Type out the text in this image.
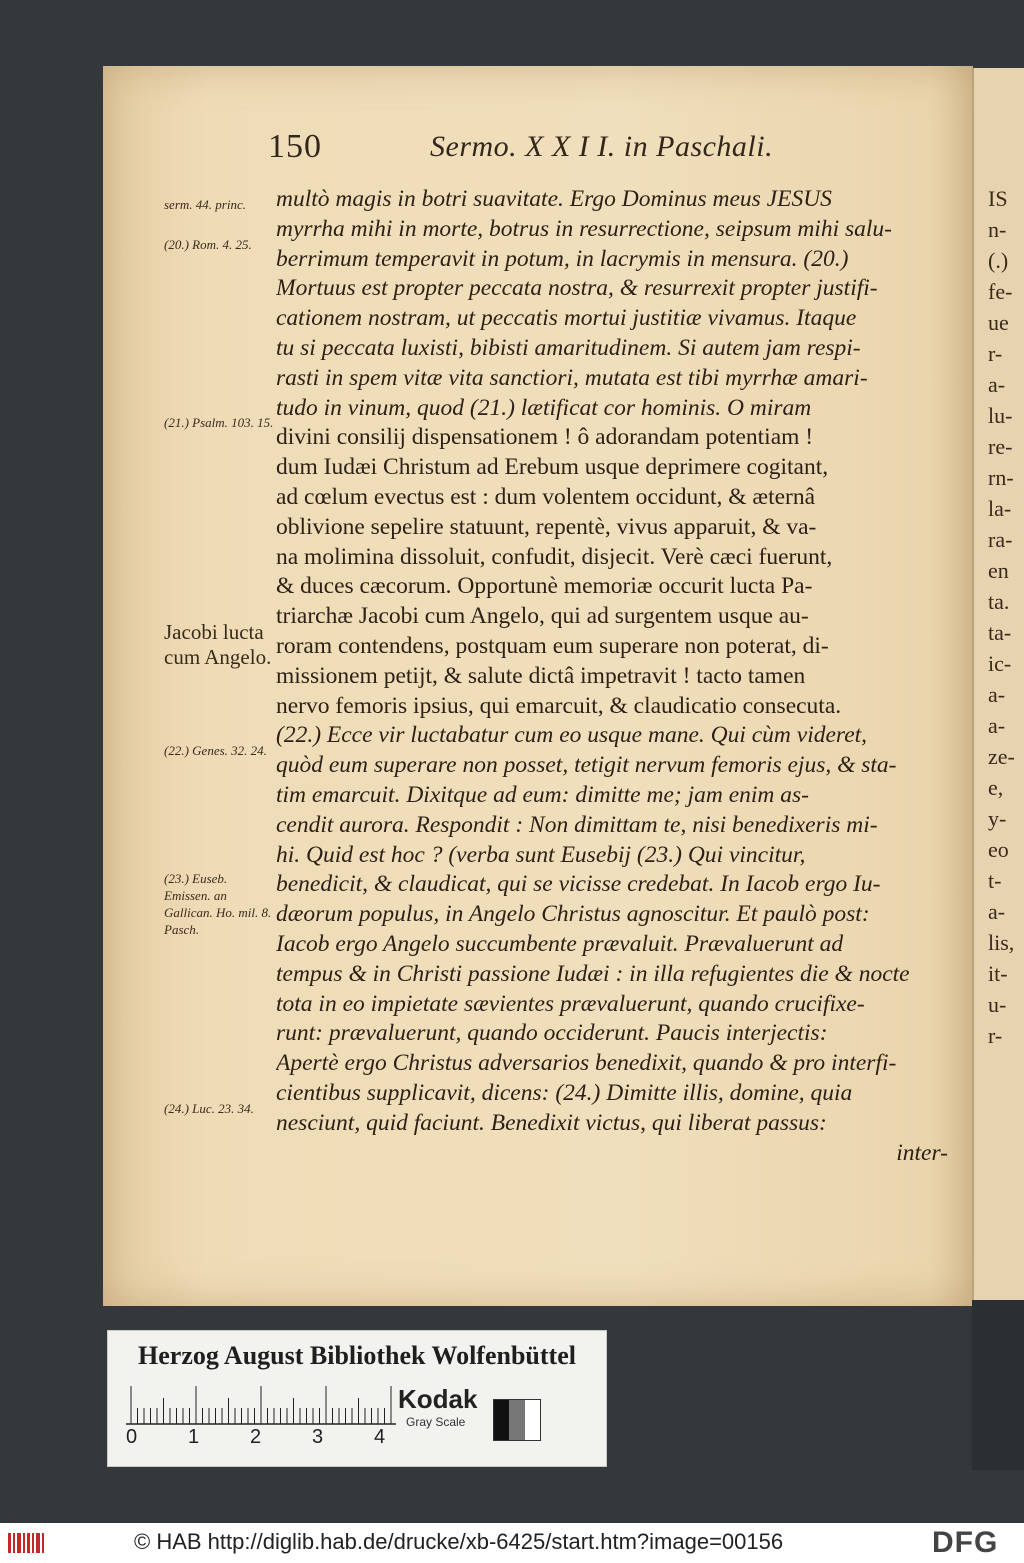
IS
n-
(.)
fe-
ue
r-
a-
lu-
re-
rn-
la-
ra-
en
ta.
ta-
ic-
a-
a-
ze-
e,
y-
eo
t-
a-
lis,
it-
u-
r-
150	Sermo. X X I I. in Paschali.
serm. 44. princ.
(20.) Rom. 4. 25.
(21.) Psalm. 103. 15.
Jacobi lucta cum Angelo.
(22.) Genes. 32. 24.
(23.) Euseb. Emissen. an Gallican. Ho. mil. 8. Pasch.
(24.) Luc. 23. 34.
multò magis in botri suavitate. Ergo Dominus meus JESUS
myrrha mihi in morte, botrus in resurrectione, seipsum mihi salu-
berrimum temperavit in potum, in lacrymis in mensura. (20.)
Mortuus est propter peccata nostra, & resurrexit propter justifi-
cationem nostram, ut peccatis mortui justitiæ vivamus. Itaque
tu si peccata luxisti, bibisti amaritudinem. Si autem jam respi-
rasti in spem vitæ vita sanctiori, mutata est tibi myrrhæ amari-
tudo in vinum, quod (21.) lætificat cor hominis. O miram
divini consilij dispensationem ! ô adorandam potentiam !
dum Iudæi Christum ad Erebum usque deprimere cogitant,
ad cœlum evectus est : dum volentem occidunt, & æternâ
oblivione sepelire statuunt, repentè, vivus apparuit, & va-
na molimina dissoluit, confudit, disjecit. Verè cæci fuerunt,
& duces cæcorum. Opportunè memoriæ occurit lucta Pa-
triarchæ Jacobi cum Angelo, qui ad surgentem usque au-
roram contendens, postquam eum superare non poterat, di-
missionem petijt, & salute dictâ impetravit ! tacto tamen
nervo femoris ipsius, qui emarcuit, & claudicatio consecuta.
(22.) Ecce vir luctabatur cum eo usque mane. Qui cùm videret,
quòd eum superare non posset, tetigit nervum femoris ejus, & sta-
tim emarcuit. Dixitque ad eum: dimitte me; jam enim as-
cendit aurora. Respondit : Non dimittam te, nisi benedixeris mi-
hi. Quid est hoc ? (verba sunt Eusebij (23.) Qui vincitur,
benedicit, & claudicat, qui se vicisse credebat. In Iacob ergo Iu-
dæorum populus, in Angelo Christus agnoscitur. Et paulò post:
Iacob ergo Angelo succumbente prævaluit. Prævaluerunt ad
tempus & in Christi passione Iudæi : in illa refugientes die & nocte
tota in eo impietate sævientes prævaluerunt, quando crucifixe-
runt: prævaluerunt, quando occiderunt. Paucis interjectis:
Apertè ergo Christus adversarios benedixit, quando & pro interfi-
cientibus supplicavit, dicens: (24.) Dimitte illis, domine, quia
nesciunt, quid faciunt. Benedixit victus, qui liberat passus:
inter-
Herzog August Bibliothek Wolfenbüttel
0	1	2	3	4
Kodak
Gray Scale
© HAB http://diglib.hab.de/drucke/xb-6425/start.htm?image=00156	DFG
